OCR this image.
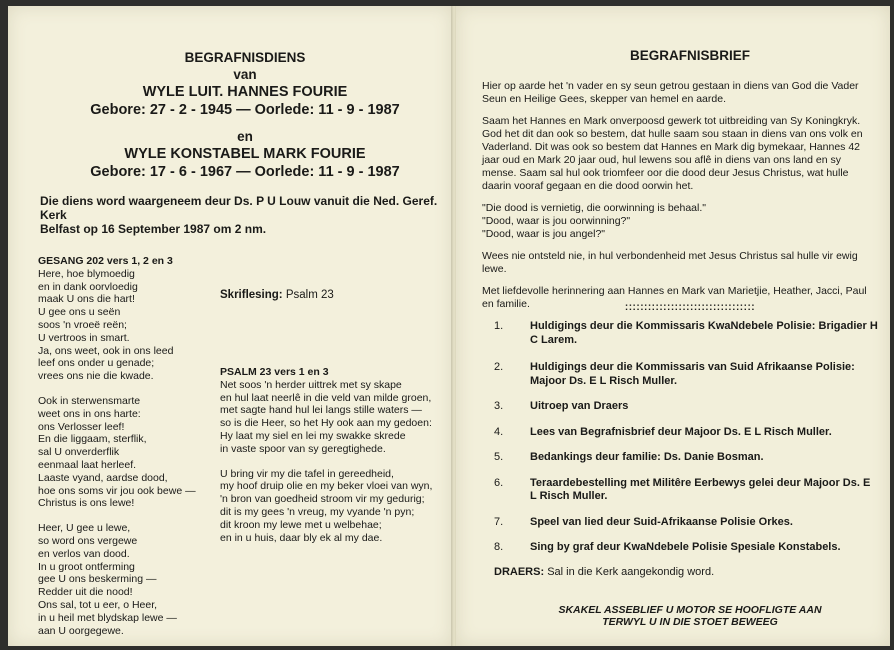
BEGRAFNISDIENS
van
WYLE LUIT. HANNES FOURIE
Gebore: 27 - 2 - 1945 — Oorlede: 11 - 9 - 1987
en
WYLE KONSTABEL MARK FOURIE
Gebore: 17 - 6 - 1967 — Oorlede: 11 - 9 - 1987
Die diens word waargeneem deur Ds. P U Louw vanuit die Ned. Geref. Kerk
Belfast op 16 September 1987 om 2 nm.
GESANG 202 vers 1, 2 en 3
Here, hoe blymoedig
en in dank oorvloedig
maak U ons die hart!
U gee ons u seën
soos 'n vroeë reën;
U vertroos in smart.
Ja, ons weet, ook in ons leed
leef ons onder u genade;
vrees ons nie die kwade.
Ook in sterwensmarte
weet ons in ons harte:
ons Verlosser leef!
En die liggaam, sterflik,
sal U onverderflik
eenmaal laat herleef.
Laaste vyand, aardse dood,
hoe ons soms vir jou ook bewe —
Christus is ons lewe!
Heer, U gee u lewe,
so word ons vergewe
en verlos van dood.
In u groot ontferming
gee U ons beskerming —
Redder uit die nood!
Ons sal, tot u eer, o Heer,
in u heil met blydskap lewe —
aan U oorgegewe.
Skriflesing: Psalm 23
PSALM 23 vers 1 en 3
Net soos 'n herder uittrek met sy skape
en hul laat neerlê in die veld van milde groen,
met sagte hand hul lei langs stille waters —
so is die Heer, so het Hy ook aan my gedoen:
Hy laat my siel en lei my swakke skrede
in vaste spoor van sy geregtighede.
U bring vir my die tafel in gereedheid,
my hoof druip olie en my beker vloei van wyn,
'n bron van goedheid stroom vir my gedurig;
dit is my gees 'n vreug, my vyande 'n pyn;
dit kroon my lewe met u welbehae;
en in u huis, daar bly ek al my dae.
BEGRAFNISBRIEF
Hier op aarde het 'n vader en sy seun getrou gestaan in diens van God die Vader Seun en Heilige Gees, skepper van hemel en aarde.
Saam het Hannes en Mark onverpoosd gewerk tot uitbreiding van Sy Koningkryk. God het dit dan ook so bestem, dat hulle saam sou staan in diens van ons volk en Vaderland. Dit was ook so bestem dat Hannes en Mark dig bymekaar, Hannes 42 jaar oud en Mark 20 jaar oud, hul lewens sou aflê in diens van ons land en sy mense. Saam sal hul ook triomfeer oor die dood deur Jesus Christus, wat hulle daarin vooraf gegaan en die dood oorwin het.
"Die dood is vernietig, die oorwinning is behaal."
"Dood, waar is jou oorwinning?"
"Dood, waar is jou angel?"
Wees nie ontsteld nie, in hul verbondenheid met Jesus Christus sal hulle vir ewig lewe.
Met liefdevolle herinnering aan Hannes en Mark van Marietjie, Heather, Jacci, Paul en familie.	::::::::::::::::::::::::::::::::::
1. Huldigings deur die Kommissaris KwaNdebele Polisie: Brigadier H C Larem.
2. Huldigings deur die Kommissaris van Suid Afrikaanse Polisie: Majoor Ds. E L Risch Muller.
3. Uitroep van Draers
4. Lees van Begrafnisbrief deur Majoor Ds. E L Risch Muller.
5. Bedankings deur familie: Ds. Danie Bosman.
6. Teraardebestelling met Militêre Eerbewys gelei deur Majoor Ds. E L Risch Muller.
7. Speel van lied deur Suid-Afrikaanse Polisie Orkes.
8. Sing by graf deur KwaNdebele Polisie Spesiale Konstabels.
DRAERS: Sal in die Kerk aangekondig word.
SKAKEL ASSEBLIEF U MOTOR SE HOOFLIGTE AAN
TERWYL U IN DIE STOET BEWEEG
